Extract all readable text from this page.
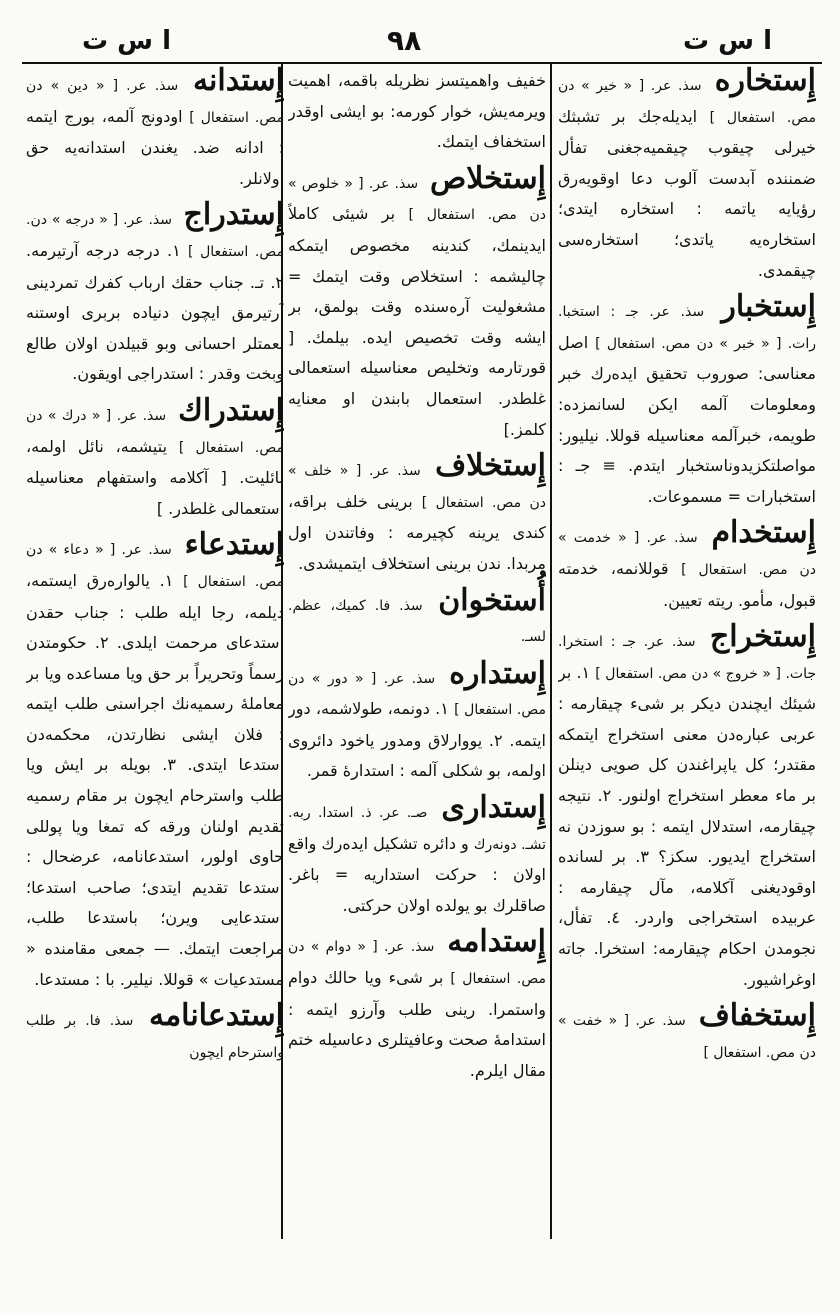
ا س ت	٩٨	ا س ت
إِستخاره سذ. عر. [ « خیر » دن مص. استفعال ] ایدیلەجك بر تشبثك خیرلی چیقوب چیقمیەجغنی تفأل ضمننده آبدست آلوب دعا اوقویەرق رؤیایه یاتمه : استخاره ایتدی؛ استخارەیه یاتدی؛ استخارەسی چیقمدی.
إِستخبار سذ. عر. جـ : استخبا. رات. [ « خبر » دن مص. استفعال ] اصل معناسی: صوروب تحقیق ایدەرك خبر ومعلومات آلمه ایكن لسانمزده: طویمه، خبرآلمه معناسیله قوللا. نیلیور: مواصلتکزیدوناستخبار ایتدم. ≡ جـ : استخبارات = مسموعات.
إِستخدام سذ. عر. [ « خدمت » دن مص. استفعال ] قوللانمه، خدمته قبول، مأمو. ریته تعیین.
إِستخراج سذ. عر. جـ : استخرا. جات. [ « خروج » دن مص. استفعال ] ١. بر شیئك ایچندن دیكر بر شیء چیقارمه : عربی عبارەدن معنی استخراج ایتمكه مقتدر؛ كل یاپراغندن كل صویی دینلن بر ماء معطر استخراج اولنور. ٢. نتیجه چیقارمه، استدلال ایتمه : بو سوزدن نه استخراج ایدیور. سكز؟ ٣. بر لسانده اوقودیغنی آكلامه، مآل چیقارمه : عربیده استخراجی واردر. ٤. تفأل، نجومدن احكام چیقارمه: استخرا. جاته اوغراشیور.
إِستخفاف سذ. عر. [ « خفت » دن مص. استفعال ]
خفیف واهمیتسز نظریله باقمه، اهمیت ویرمەیش، خوار كورمه: بو ایشی اوقدر استخفاف ایتمك.
إِستخلاص سذ. عر. [ « خلوص » دن مص. استفعال ] بر شیئی كاملاً ایدینمك، كندینه مخصوص ایتمكه چالیشمه : استخلاص وقت ایتمك = مشغولیت آرەسنده وقت بولمق، بر ایشه وقت تخصیص ایده. بیلمك. [ قورتارمه وتخلیص معناسیله استعمالی غلطدر. استعمال بابندن او معنایه كلمز.]
إِستخلاف سذ. عر. [ « خلف » دن مص. استفعال ] برینی خلف براقه، كندی یرینه كچیرمه : وفاتندن اول مربدا. ندن برینی استخلاف ایتمیشدی.
أُستخوان سذ. فا. كمیك، عظم. لسـ.
إِستداره سذ. عر. [ « دور » دن مص. استفعال ] ١. دونمه، طولاشمه، دور ایتمه. ٢. یووارلاق ومدور یاخود دائروی اولمه، بو شكلی آلمه : استدارۀ قمر.
إِستداری صـ. عر. ذ. استدا. ربه. تشـ. دونەرك و دائره تشكیل ایدەرك واقع اولان : حركت استداریه = باغر. صاقلرك بو یولده اولان حركتی.
إِستدامه سذ. عر. [ « دوام » دن مص. استفعال ] بر شیء ویا حالك دوام واستمرا. رینی طلب وآرزو ایتمه : استدامۀ صحت وعافیتلری دعاسیله ختم مقال ایلرم.
إِستدانه سذ. عر. [ « دین » دن مص. استفعال ] اودونج آلمه، بورج ایتمه : ادانه ضد. یغندن استدانەیه حق اولانلر.
إِستدراج سذ. عر. [ « درجه » دن. مص. استفعال ] ١. درجه درجه آرتیرمه. ٢. تـ. جناب حقك ارباب كفرك تمردینی آرتیرمق ایچون دنیاده بربری اوستنه نعمتلر احسانی وبو قبیلدن اولان طالع وبخت وقدر : استدراجی اویقون.
إِستدراك سذ. عر. [ « درك » دن مص. استفعال ] یتیشمه، نائل اولمه، نائلیت. [ آكلامه واستفهام معناسیله استعمالی غلطدر. ]
إِستدعاء سذ. عر. [ « دعاء » دن مص. استفعال ] ١. یالوارەرق ایستمه، دیلمه، رجا ایله طلب : جناب حقدن استدعای مرحمت ایلدی. ٢. حكومتدن رسماً وتحریراً بر حق ویا مساعده ویا بر معاملۀ رسمیەنك اجراسنی طلب ایتمه : فلان ایشی نظارتدن، محكمەدن استدعا ایتدی. ٣. بویله بر ایش ویا طلب واسترحام ایچون بر مقام رسمیه تقدیم اولنان ورقه كه تمغا ویا پوللی حاوی اولور، استدعانامه، عرضحال : استدعا تقدیم ایتدی؛ صاحب استدعا؛ استدعایی ویرن؛ باستدعا طلب، مراجعت ایتمك. — جمعی مقامنده « مستدعیات » قوللا. نیلیر. با : مستدعا.
إِستدعانامه سذ. فا. بر طلب واسترحام ایچون
